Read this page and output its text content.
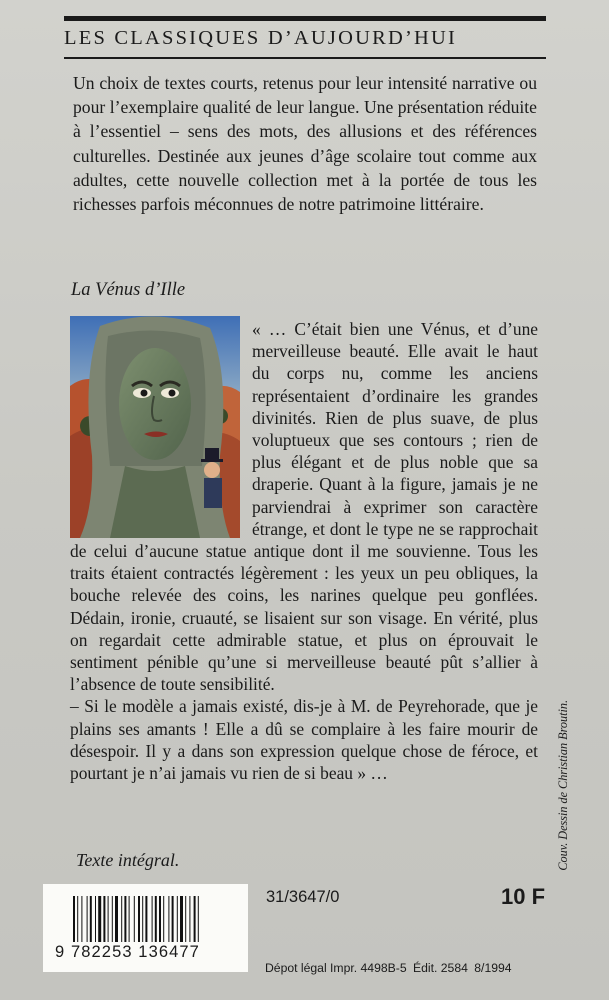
LES CLASSIQUES D’AUJOURD’HUI
Un choix de textes courts, retenus pour leur intensité narrative ou pour l’exemplaire qualité de leur langue. Une présentation réduite à l’essentiel – sens des mots, des allusions et des références culturelles. Destinée aux jeunes d’âge scolaire tout comme aux adultes, cette nouvelle collection met à la portée de tous les richesses parfois méconnues de notre patrimoine littéraire.
La Vénus d’Ille

« … C’était bien une Vénus, et d’une merveilleuse beauté. Elle avait le haut du corps nu, comme les anciens représentaient d’ordinaire les grandes divinités. Rien de plus suave, de plus voluptueux que ses contours ; rien de plus élégant et de plus noble que sa draperie. Quant à la figure, jamais je ne parviendrai à exprimer son caractère étrange, et dont le type ne se rapprochait de celui d’aucune statue antique dont il me souvienne. Tous les traits étaient contractés légèrement : les yeux un peu obliques, la bouche relevée des coins, les narines quelque peu gonflées. Dédain, ironie, cruauté, se lisaient sur son visage. En vérité, plus on regardait cette admirable statue, et plus on éprouvait le sentiment pénible qu’une si merveilleuse beauté pût s’allier à l’absence de toute sensibilité.

– Si le modèle a jamais existé, dis-je à M. de Peyrehorade, que je plains ses amants ! Elle a dû se complaire à les faire mourir de désespoir. Il y a dans son expression quelque chose de féroce, et pourtant je n’ai jamais vu rien de si beau » …

Texte intégral.	Couv. Dessin de Christian Broutin.
9 782253 136477
31/3647/0	10 F
Dépot légal Impr. 4498B-5 Édit. 2584 8/1994
